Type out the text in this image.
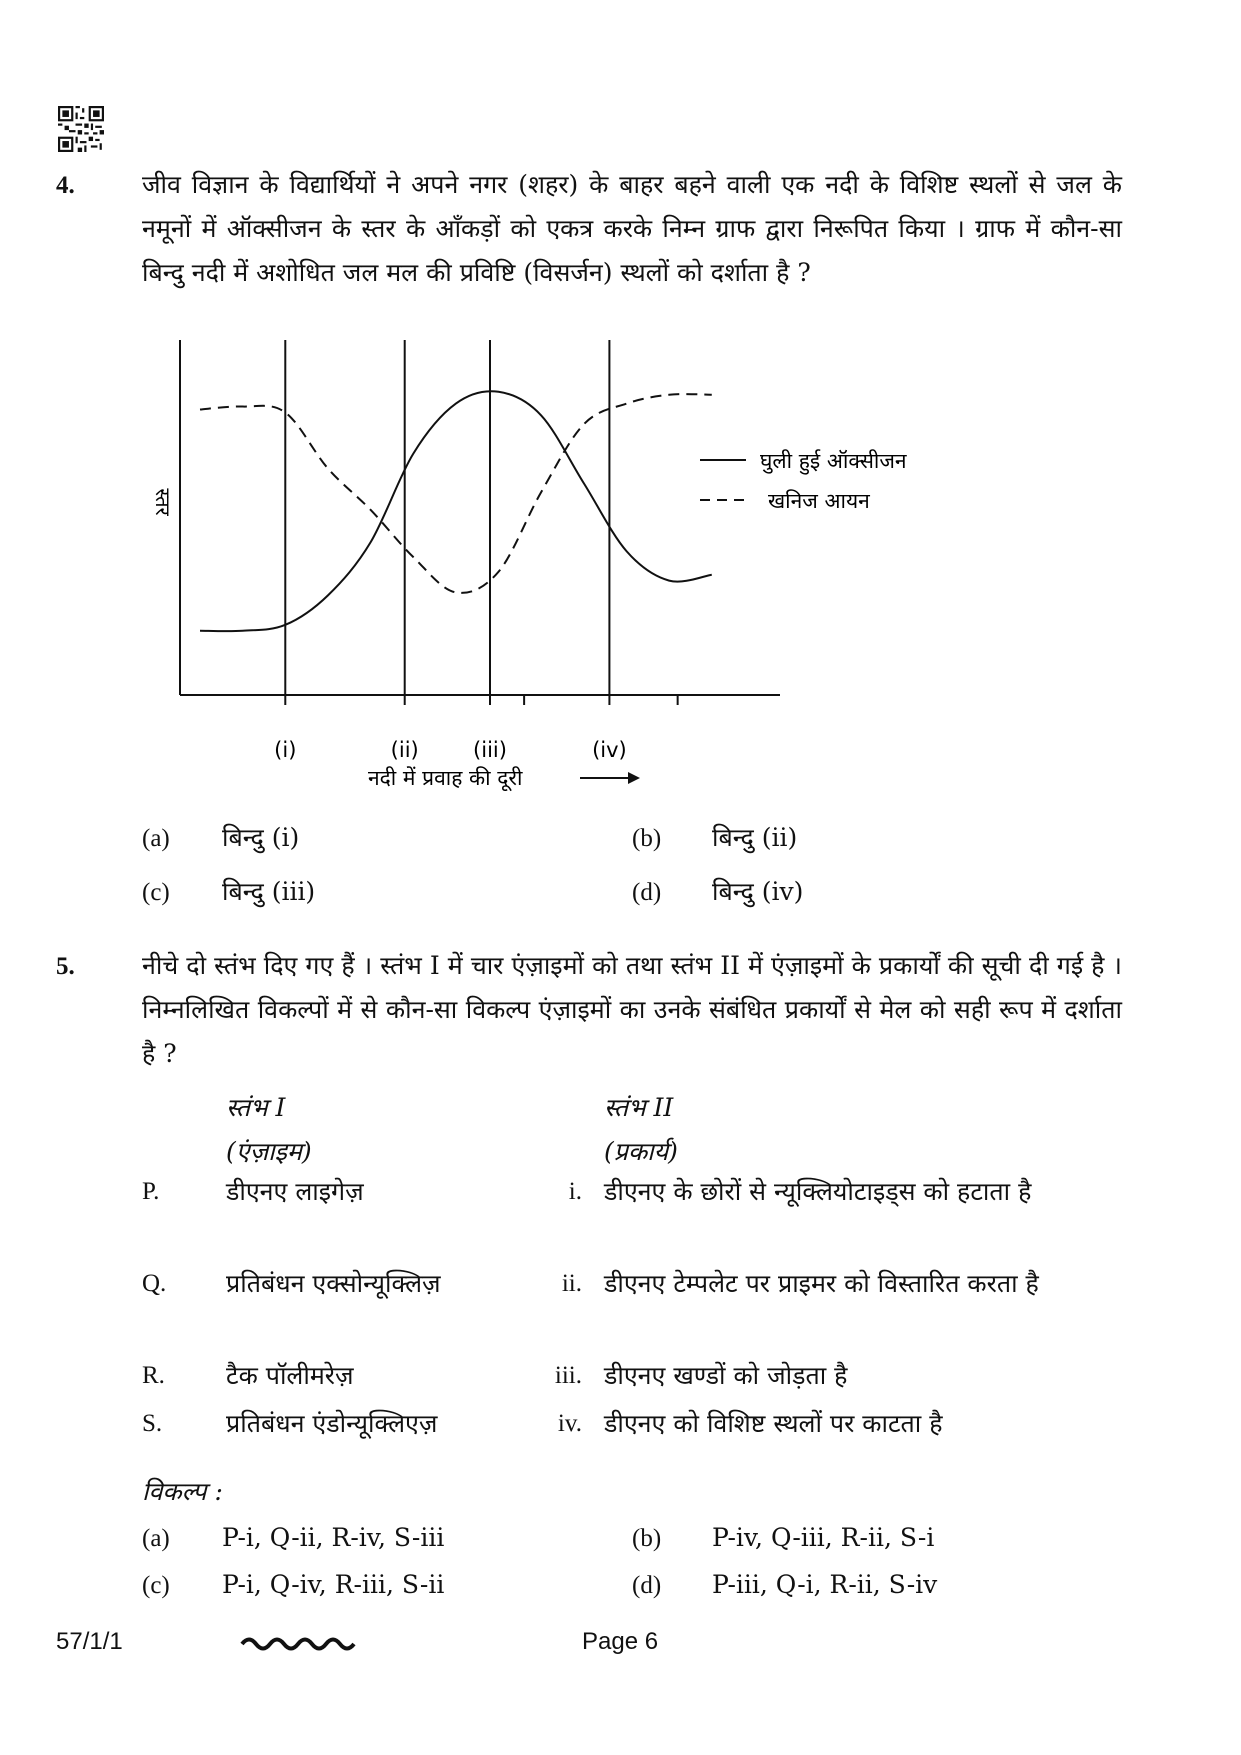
4.	जीव विज्ञान के विद्यार्थियों ने अपने नगर (शहर) के बाहर बहने वाली एक नदी के विशिष्ट स्थलों से जल के नमूनों में ऑक्सीजन के स्तर के आँकड़ों को एकत्र करके निम्न ग्राफ द्वारा निरूपित किया । ग्राफ में कौन-सा बिन्दु नदी में अशोधित जल मल की प्रविष्टि (विसर्जन) स्थलों को दर्शाता है ?
स्तर
(i)	(ii)	(iii)	(iv)
घुली हुई ऑक्सीजन
खनिज आयन
नदी में प्रवाह की दूरी
(a) बिन्दु (i)	(b) बिन्दु (ii)
(c) बिन्दु (iii)	(d) बिन्दु (iv)
5.	नीचे दो स्तंभ दिए गए हैं । स्तंभ I में चार एंज़ाइमों को तथा स्तंभ II में एंज़ाइमों के प्रकार्यों की सूची दी गई है । निम्नलिखित विकल्पों में से कौन-सा विकल्प एंज़ाइमों का उनके संबंधित प्रकार्यों से मेल को सही रूप में दर्शाता है ?
स्तंभ I
(एंज़ाइम)
स्तंभ II
(प्रकार्य)
P.	डीएनए लाइगेज़	i. डीएनए के छोरों से न्यूक्लियोटाइड्स को हटाता है
Q. प्रतिबंधन एक्सोन्यूक्लिज़	ii. डीएनए टेम्पलेट पर प्राइमर को विस्तारित करता है
R. टैक पॉलीमरेज़	iii. डीएनए खण्डों को जोड़ता है
S.	प्रतिबंधन एंडोन्यूक्लिएज़	iv. डीएनए को विशिष्ट स्थलों पर काटता है
विकल्प :
(a) P-i, Q-ii, R-iv, S-iii	(b) P-iv, Q-iii, R-ii, S-i
(c) P-i, Q-iv, R-iii, S-ii	(d) P-iii, Q-i, R-ii, S-iv
57/1/1	Page 6
